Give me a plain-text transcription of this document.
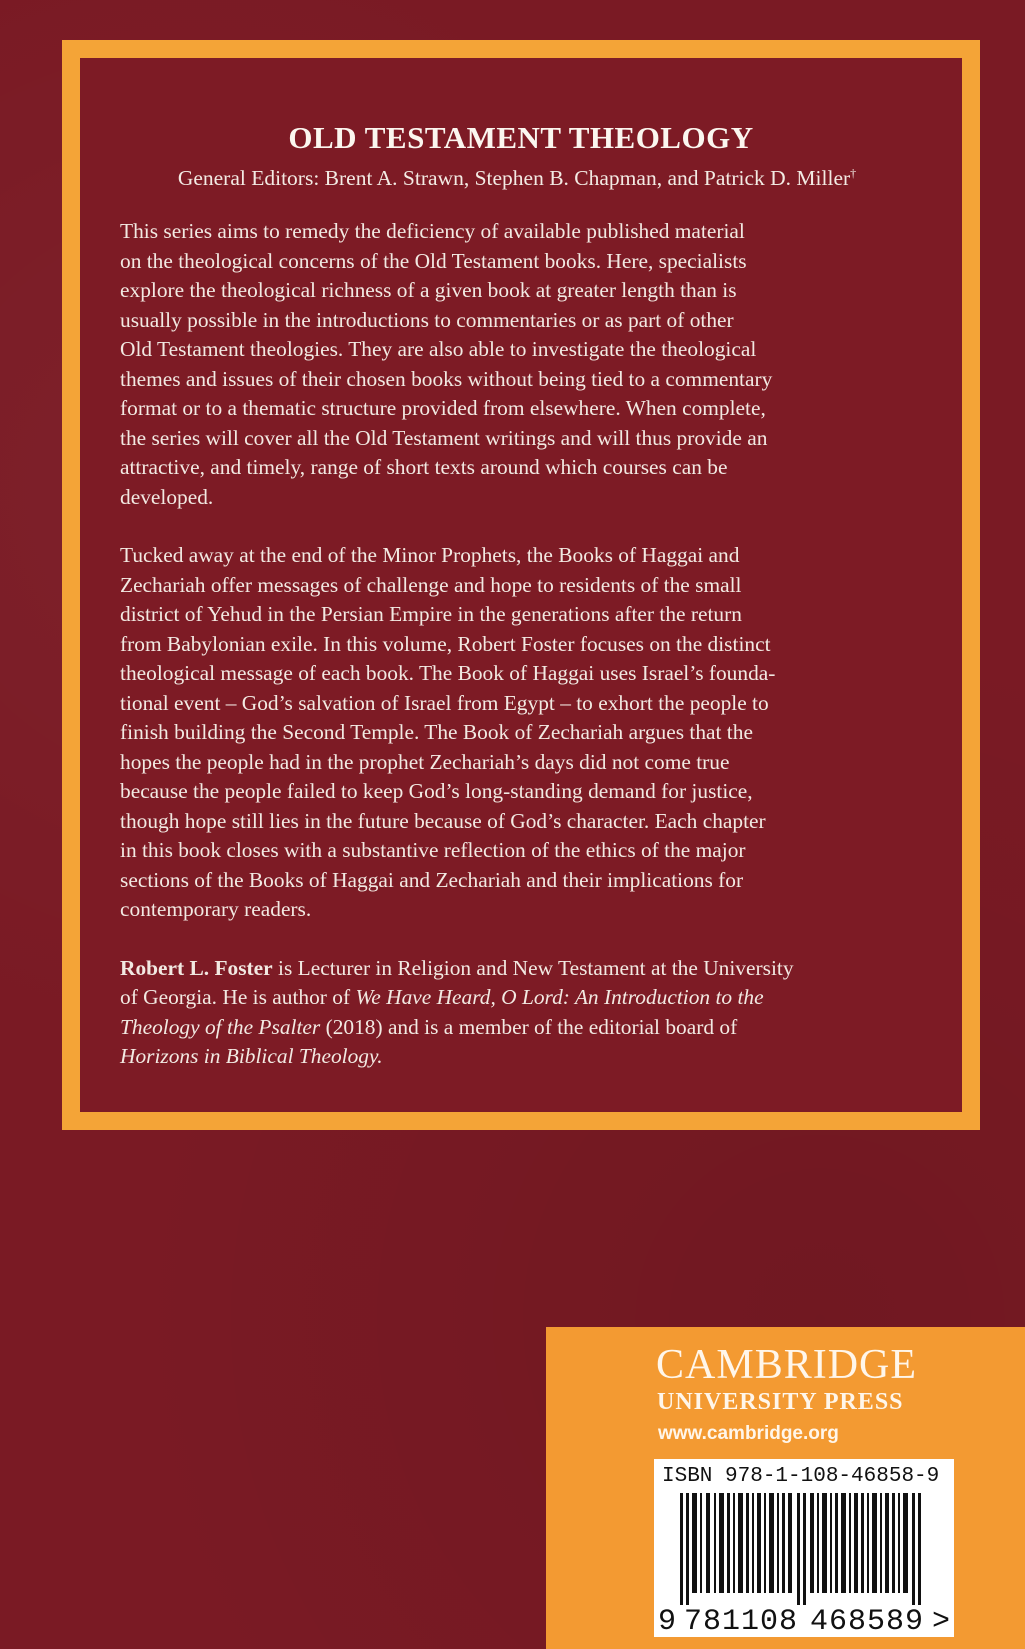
OLD TESTAMENT THEOLOGY
General Editors: Brent A. Strawn, Stephen B. Chapman, and Patrick D. Miller†

This series aims to remedy the deficiency of available published material
on the theological concerns of the Old Testament books. Here, specialists
explore the theological richness of a given book at greater length than is
usually possible in the introductions to commentaries or as part of other
Old Testament theologies. They are also able to investigate the theological
themes and issues of their chosen books without being tied to a commentary
format or to a thematic structure provided from elsewhere. When complete,
the series will cover all the Old Testament writings and will thus provide an
attractive, and timely, range of short texts around which courses can be
developed.

Tucked away at the end of the Minor Prophets, the Books of Haggai and
Zechariah offer messages of challenge and hope to residents of the small
district of Yehud in the Persian Empire in the generations after the return
from Babylonian exile. In this volume, Robert Foster focuses on the distinct
theological message of each book. The Book of Haggai uses Israel’s founda-
tional event – God’s salvation of Israel from Egypt – to exhort the people to
finish building the Second Temple. The Book of Zechariah argues that the
hopes the people had in the prophet Zechariah’s days did not come true
because the people failed to keep God’s long-standing demand for justice,
though hope still lies in the future because of God’s character. Each chapter
in this book closes with a substantive reflection of the ethics of the major
sections of the Books of Haggai and Zechariah and their implications for
contemporary readers.

Robert L. Foster is Lecturer in Religion and New Testament at the University
of Georgia. He is author of We Have Heard, O Lord: An Introduction to the
Theology of the Psalter (2018) and is a member of the editorial board of
Horizons in Biblical Theology.

CAMBRIDGE
UNIVERSITY PRESS
www.cambridge.org
ISBN 978-1-108-46858-9
9 781108 468589 >
